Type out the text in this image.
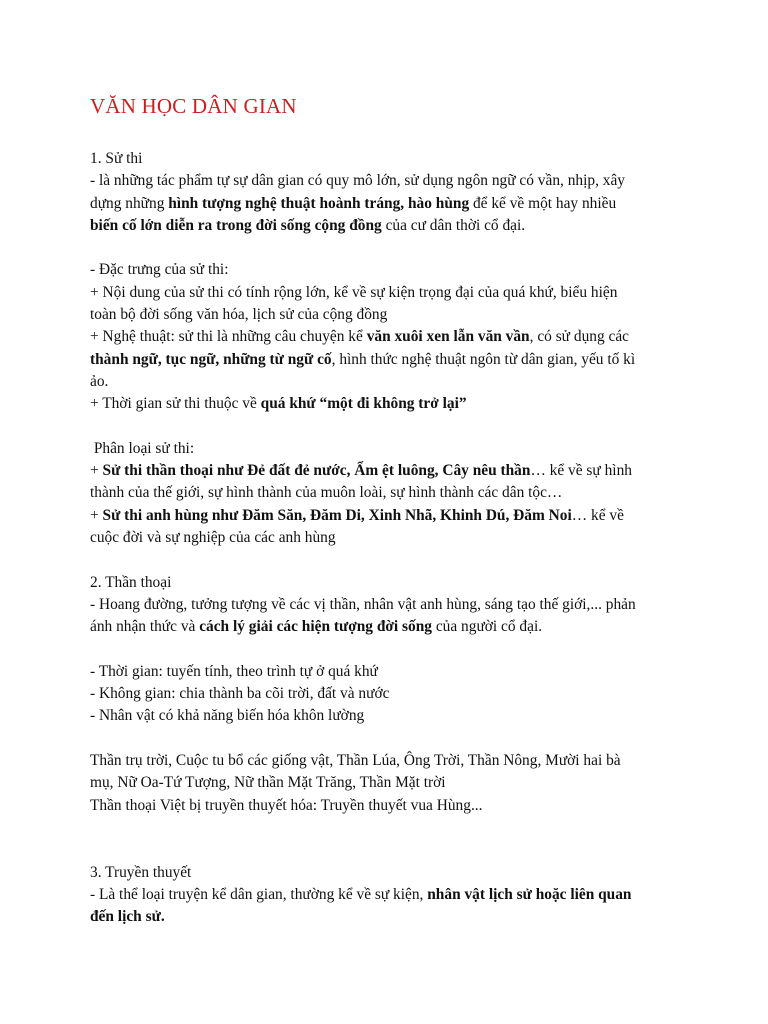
VĂN HỌC DÂN GIAN
1. Sử thi
- là những tác phẩm tự sự dân gian có quy mô lớn, sử dụng ngôn ngữ có vần, nhịp, xây
dựng những hình tượng nghệ thuật hoành tráng, hào hùng để kể về một hay nhiều
biến cố lớn diễn ra trong đời sống cộng đồng của cư dân thời cổ đại.
- Đặc trưng của sử thi:
+ Nội dung của sử thi có tính rộng lớn, kể về sự kiện trọng đại của quá khứ, biểu hiện
toàn bộ đời sống văn hóa, lịch sử của cộng đồng
+ Nghệ thuật: sử thi là những câu chuyện kể văn xuôi xen lẫn văn vần, có sử dụng các
thành ngữ, tục ngữ, những từ ngữ cố, hình thức nghệ thuật ngôn từ dân gian, yếu tố kì
ảo.
+ Thời gian sử thi thuộc về quá khứ “một đi không trở lại”
Phân loại sử thi:
+ Sử thi thần thoại như Đẻ đất đẻ nước, Ẩm ệt luông, Cây nêu thần… kể về sự hình
thành của thế giới, sự hình thành của muôn loài, sự hình thành các dân tộc…
+ Sử thi anh hùng như Đăm Săn, Đăm Di, Xinh Nhã, Khinh Dú, Đăm Noi… kể về
cuộc đời và sự nghiệp của các anh hùng
2. Thần thoại
- Hoang đường, tưởng tượng về các vị thần, nhân vật anh hùng, sáng tạo thế giới,... phản
ánh nhận thức và cách lý giải các hiện tượng đời sống của người cổ đại.
- Thời gian: tuyến tính, theo trình tự ở quá khứ
- Không gian: chia thành ba cõi trời, đất và nước
- Nhân vật có khả năng biến hóa khôn lường
Thần trụ trời, Cuộc tu bổ các giống vật, Thần Lúa, Ông Trời, Thần Nông, Mười hai bà
mụ, Nữ Oa-Tứ Tượng, Nữ thần Mặt Trăng, Thần Mặt trời
Thần thoại Việt bị truyền thuyết hóa: Truyền thuyết vua Hùng...
3. Truyền thuyết
- Là thể loại truyện kể dân gian, thường kể về sự kiện, nhân vật lịch sử hoặc liên quan
đến lịch sử.
